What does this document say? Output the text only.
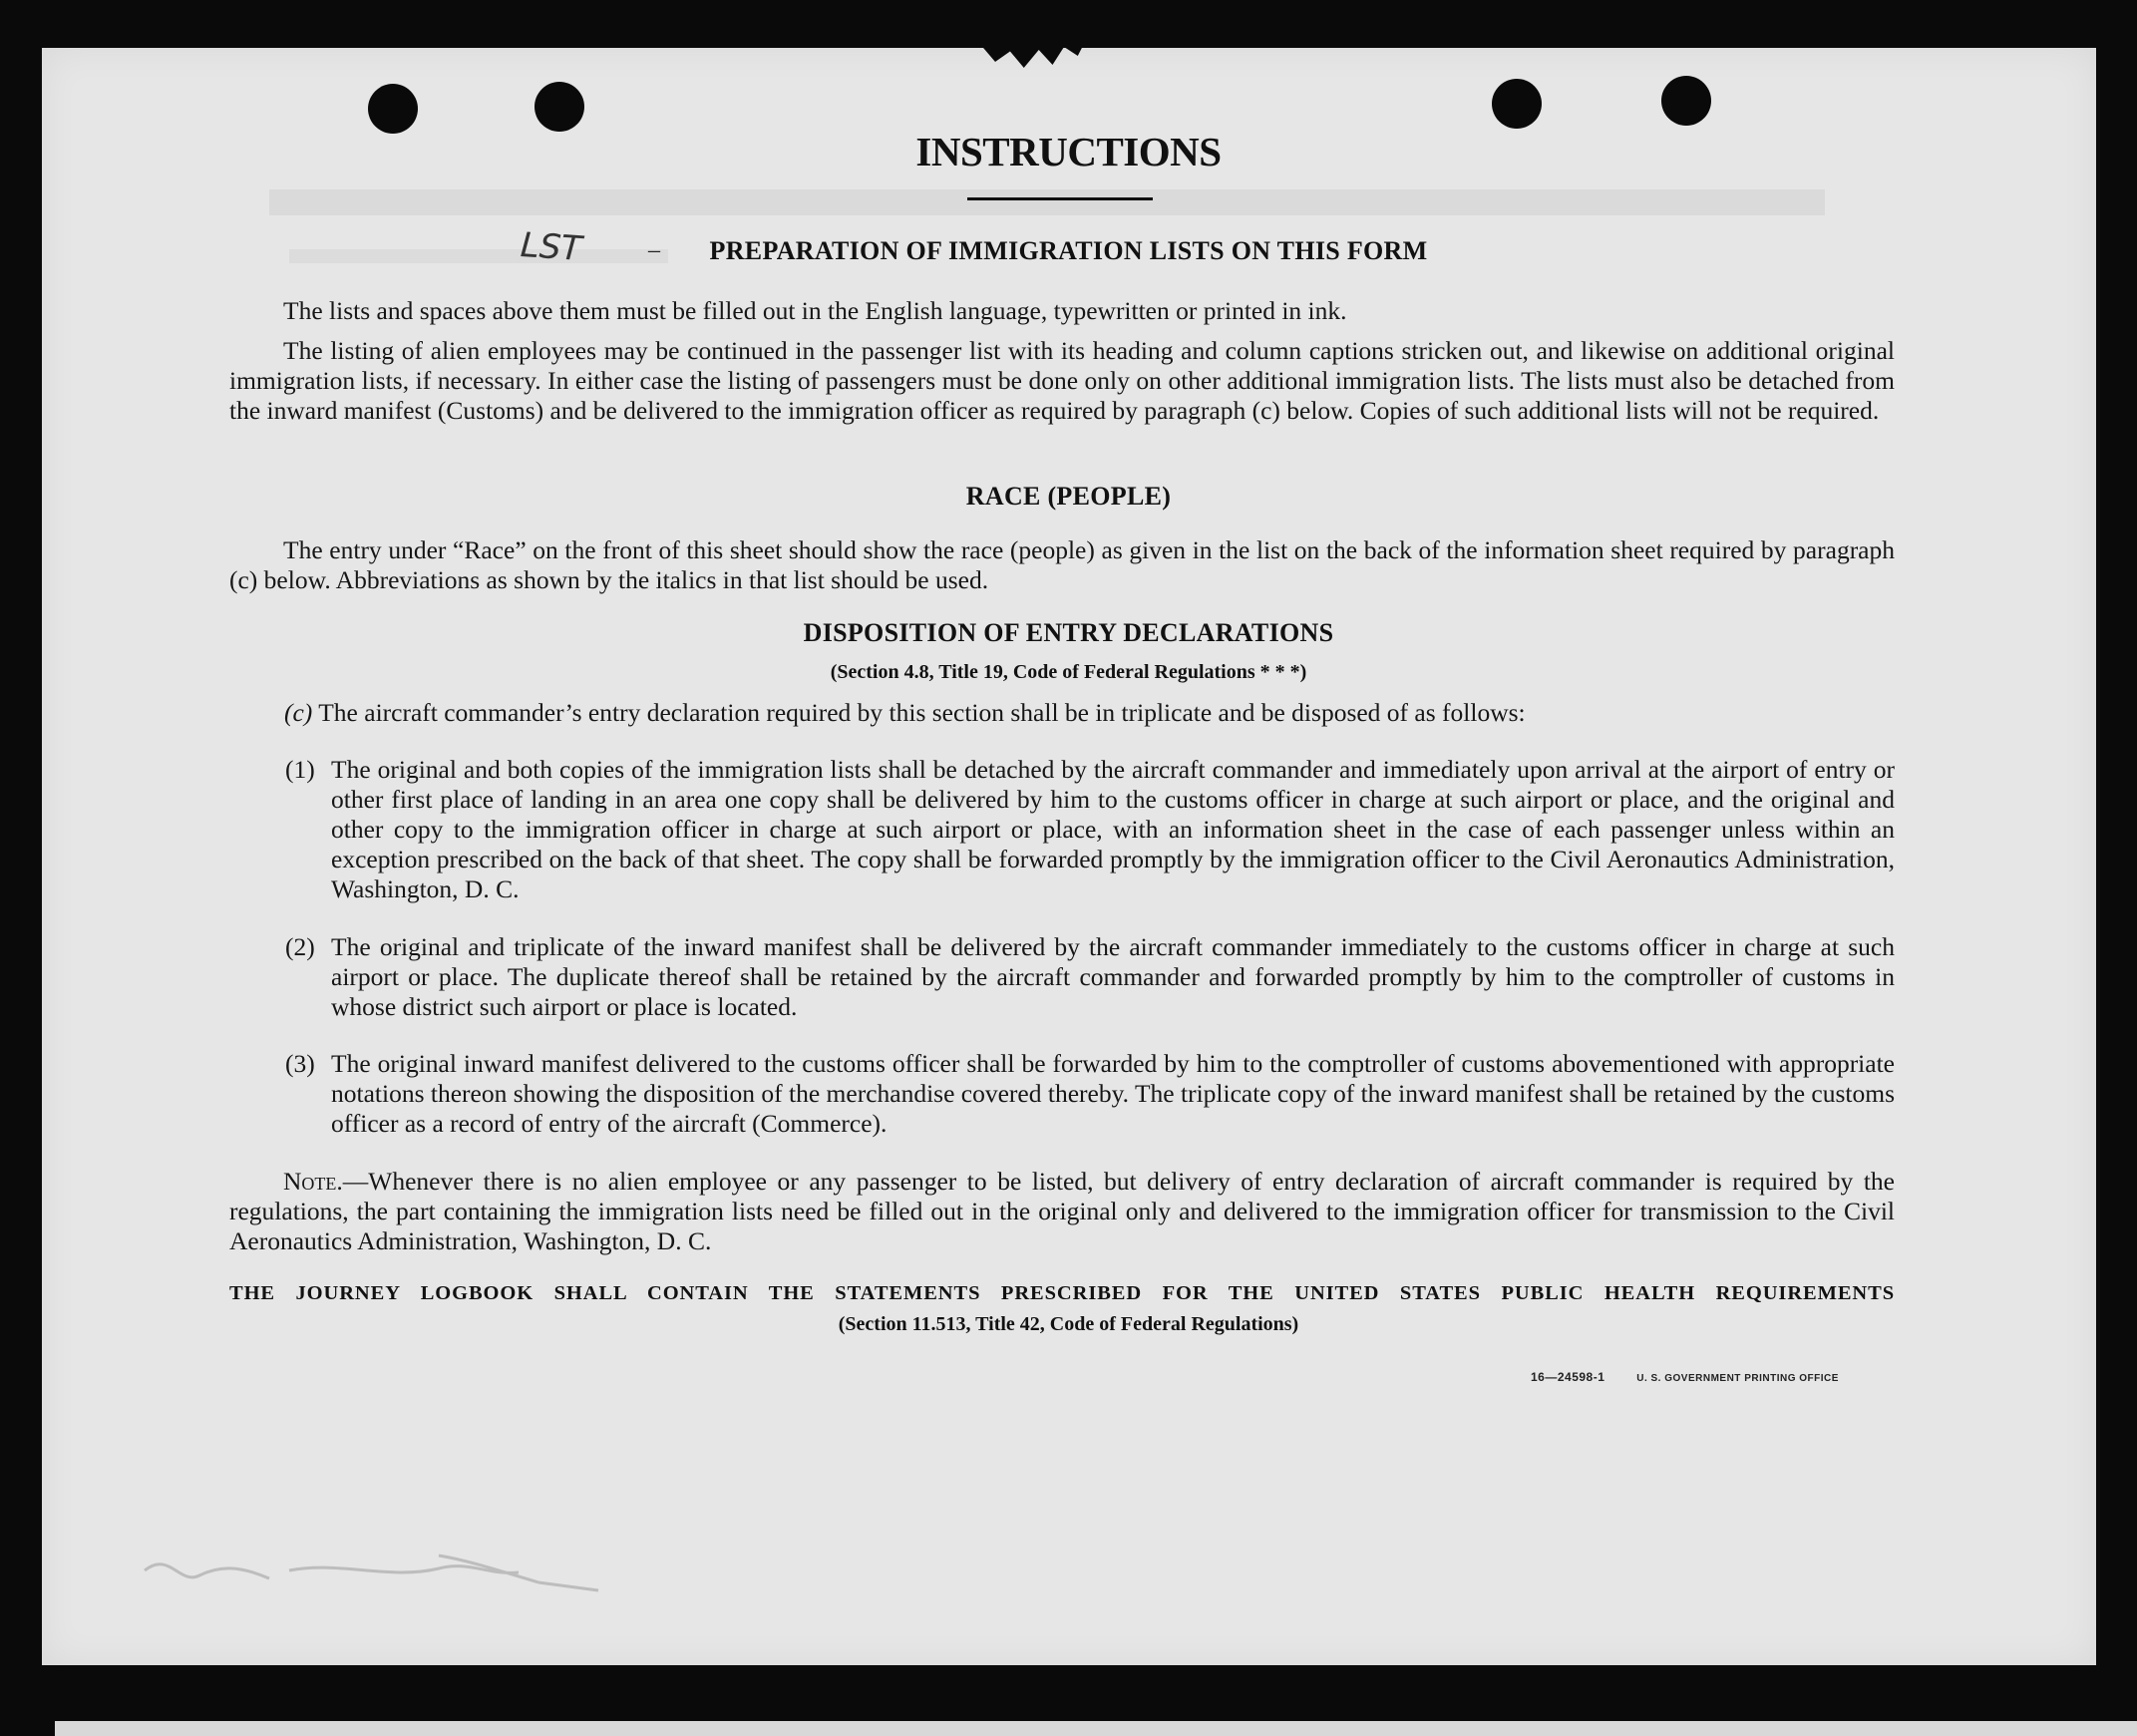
INSTRUCTIONS
LST	–	PREPARATION OF IMMIGRATION LISTS ON THIS FORM
The lists and spaces above them must be filled out in the English language, typewritten or printed in ink.
The listing of alien employees may be continued in the passenger list with its heading and column captions stricken out, and likewise on additional original immigration lists, if necessary. In either case the listing of passengers must be done only on other additional immigration lists. The lists must also be detached from the inward manifest (Customs) and be delivered to the immigration officer as required by paragraph (c) below. Copies of such additional lists will not be required.
RACE (PEOPLE)
The entry under “Race” on the front of this sheet should show the race (people) as given in the list on the back of the information sheet required by paragraph (c) below. Abbreviations as shown by the italics in that list should be used.
DISPOSITION OF ENTRY DECLARATIONS
(Section 4.8, Title 19, Code of Federal Regulations * * *)
(c) The aircraft commander’s entry declaration required by this section shall be in triplicate and be disposed of as follows:
(1) The original and both copies of the immigration lists shall be detached by the aircraft commander and immediately upon arrival at the airport of entry or other first place of landing in an area one copy shall be delivered by him to the customs officer in charge at such airport or place, and the original and other copy to the immigration officer in charge at such airport or place, with an information sheet in the case of each passenger unless within an exception prescribed on the back of that sheet. The copy shall be forwarded promptly by the immigration officer to the Civil Aeronautics Administration, Washington, D. C.
(2) The original and triplicate of the inward manifest shall be delivered by the aircraft commander immediately to the customs officer in charge at such airport or place. The duplicate thereof shall be retained by the aircraft commander and forwarded promptly by him to the comptroller of customs in whose district such airport or place is located.
(3) The original inward manifest delivered to the customs officer shall be forwarded by him to the comptroller of customs abovementioned with appropriate notations thereon showing the disposition of the merchandise covered thereby. The triplicate copy of the inward manifest shall be retained by the customs officer as a record of entry of the aircraft (Commerce).
Note.—Whenever there is no alien employee or any passenger to be listed, but delivery of entry declaration of aircraft commander is required by the regulations, the part containing the immigration lists need be filled out in the original only and delivered to the immigration officer for transmission to the Civil Aeronautics Administration, Washington, D. C.
THE JOURNEY LOGBOOK SHALL CONTAIN THE STATEMENTS PRESCRIBED FOR THE UNITED STATES PUBLIC HEALTH REQUIREMENTS
(Section 11.513, Title 42, Code of Federal Regulations)
16—24598-1	U. S. GOVERNMENT PRINTING OFFICE
